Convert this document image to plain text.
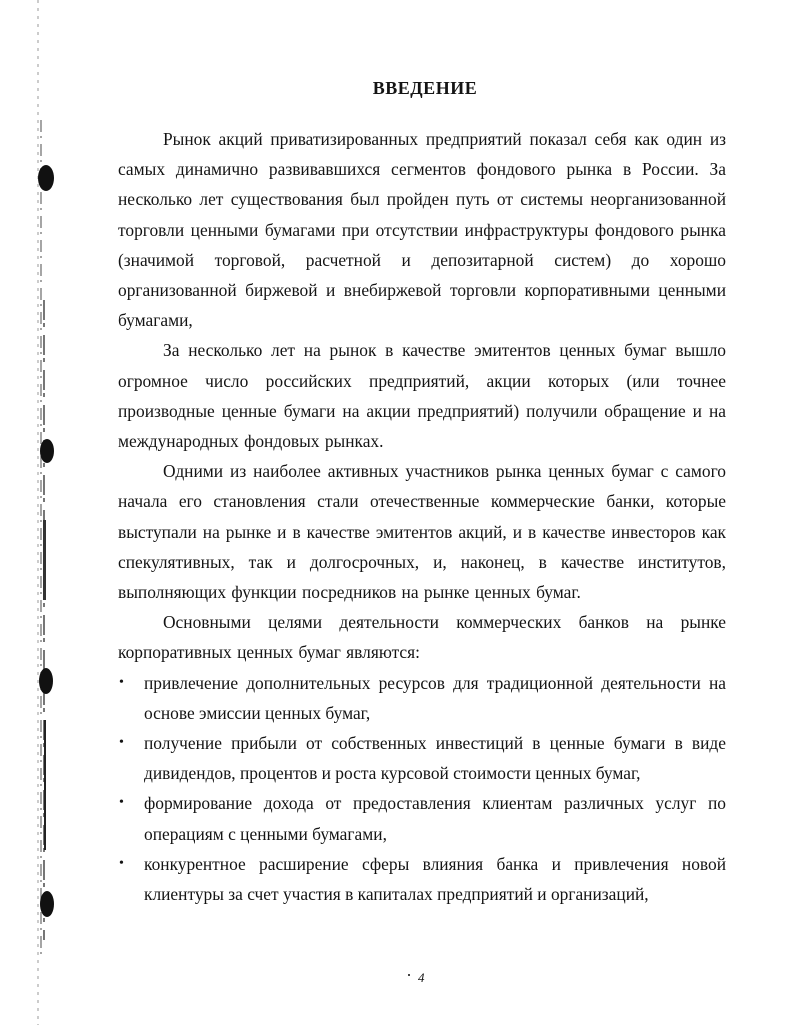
ВВЕДЕНИЕ

Рынок акций приватизированных предприятий показал себя как один из самых динамично развивавшихся сегментов фондового рынка в России. За несколько лет существования был пройден путь от системы неорганизованной торговли ценными бумагами при отсутствии инфраструктуры фондового рынка (значимой торговой, расчетной и депозитарной систем) до хорошо организованной биржевой и внебиржевой торговли корпоративными ценными бумагами,

За несколько лет на рынок в качестве эмитентов ценных бумаг вышло огромное число российских предприятий, акции которых (или точнее производные ценные бумаги на акции предприятий) получили обращение и на международных фондовых рынках.

Одними из наиболее активных участников рынка ценных бумаг с самого начала его становления стали отечественные коммерческие банки, которые выступали на рынке и в качестве эмитентов акций, и в качестве инвесторов как спекулятивных, так и долгосрочных, и, наконец, в качестве институтов, выполняющих функции посредников на рынке ценных бумаг.

Основными целями деятельности коммерческих банков на рынке корпоративных ценных бумаг являются:

• привлечение дополнительных ресурсов для традиционной деятельности на основе эмиссии ценных бумаг,
• получение прибыли от собственных инвестиций в ценные бумаги в виде дивидендов, процентов и роста курсовой стоимости ценных бумаг,
• формирование дохода от предоставления клиентам различных услуг по операциям с ценными бумагами,
• конкурентное расширение сферы влияния банка и привлечения новой клиентуры за счет участия в капиталах предприятий и организаций,
4
